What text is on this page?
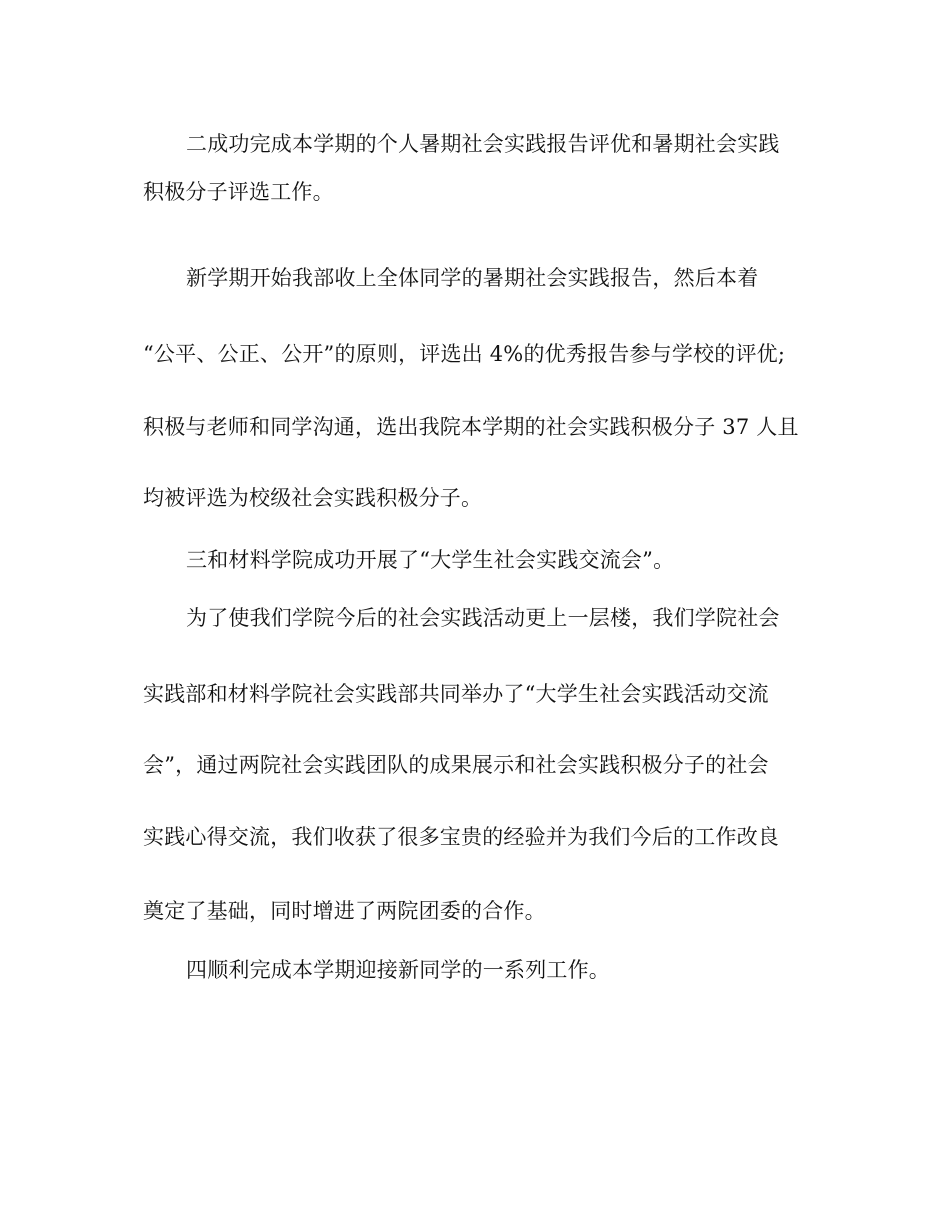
二成功完成本学期的个人暑期社会实践报告评优和暑期社会实践
积极分子评选工作。
新学期开始我部收上全体同学的暑期社会实践报告，然后本着
“公平、公正、公开”的原则，评选出 4%的优秀报告参与学校的评优;
积极与老师和同学沟通，选出我院本学期的社会实践积极分子 37 人且
均被评选为校级社会实践积极分子。
三和材料学院成功开展了“大学生社会实践交流会”。
为了使我们学院今后的社会实践活动更上一层楼，我们学院社会
实践部和材料学院社会实践部共同举办了“大学生社会实践活动交流
会”，通过两院社会实践团队的成果展示和社会实践积极分子的社会
实践心得交流，我们收获了很多宝贵的经验并为我们今后的工作改良
奠定了基础，同时增进了两院团委的合作。
四顺利完成本学期迎接新同学的一系列工作。
